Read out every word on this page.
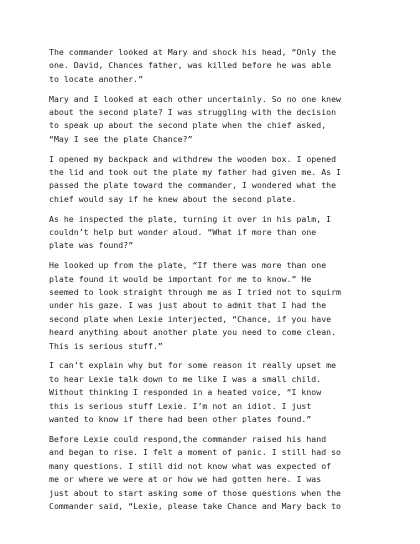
The commander looked at Mary and shock his head, “Only the
one. David, Chances father, was killed before he was able
to locate another.”

Mary and I looked at each other uncertainly. So no one knew
about the second plate? I was struggling with the decision
to speak up about the second plate when the chief asked,
“May I see the plate Chance?”

I opened my backpack and withdrew the wooden box. I opened
the lid and took out the plate my father had given me. As I
passed the plate toward the commander, I wondered what the
chief would say if he knew about the second plate.

As he inspected the plate, turning it over in his palm, I
couldn’t help but wonder aloud. “What if more than one
plate was found?”

He looked up from the plate, “If there was more than one
plate found it would be important for me to know.” He
seemed to look straight through me as I tried not to squirm
under his gaze. I was just about to admit that I had the
second plate when Lexie interjected, “Chance, if you have
heard anything about another plate you need to come clean.
This is serious stuff.”

I can’t explain why but for some reason it really upset me
to hear Lexie talk down to me like I was a small child.
Without thinking I responded in a heated voice, “I know
this is serious stuff Lexie. I’m not an idiot. I just
wanted to know if there had been other plates found.”

Before Lexie could respond,the commander raised his hand
and began to rise. I felt a moment of panic. I still had so
many questions. I still did not know what was expected of
me or where we were at or how we had gotten here. I was
just about to start asking some of those questions when the
Commander said, “Lexie, please take Chance and Mary back to
